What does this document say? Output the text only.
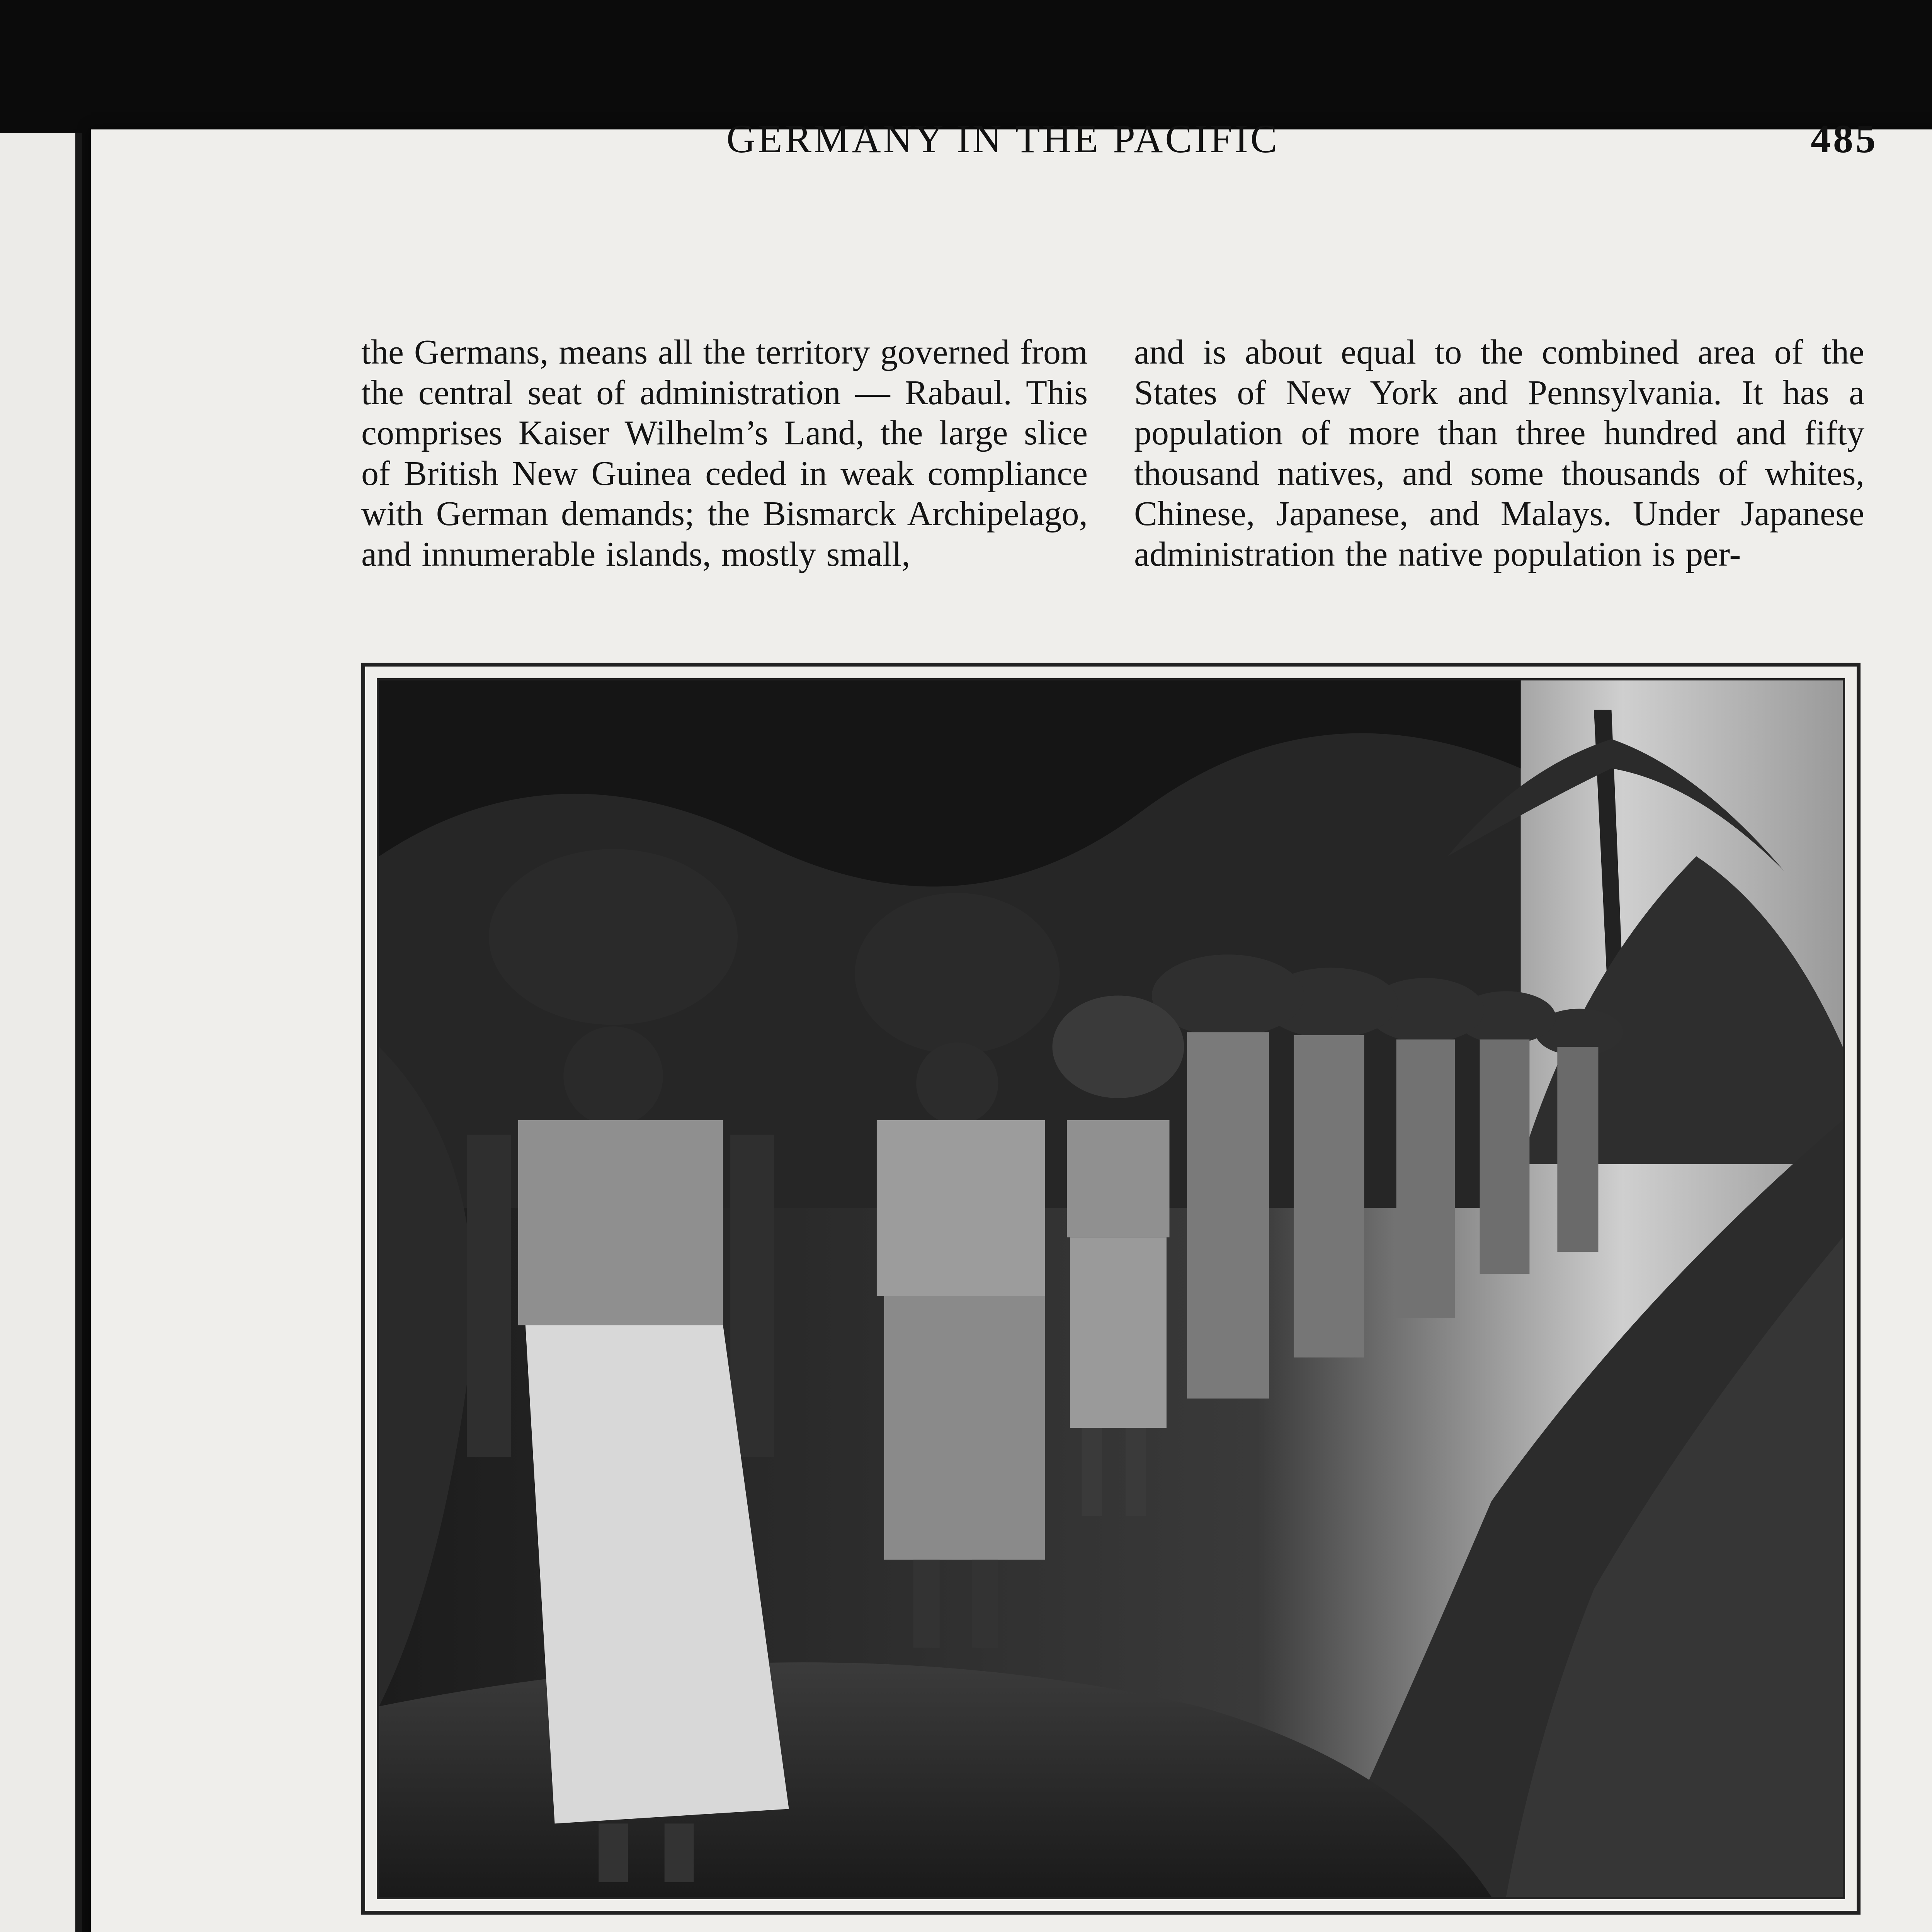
GERMANY IN THE PACIFIC	485

the Germans, means all the territory governed from the central seat of administration — Rabaul. This comprises Kaiser Wilhelm’s Land, the large slice of British New Guinea ceded in weak compliance with German demands; the Bismarck Archipelago, and innumerable islands, mostly small,

and is about equal to the combined area of the States of New York and Pennsylvania. It has a population of more than three hundred and fifty thousand natives, and some thousands of whites, Chinese, Japanese, and Malays. Under Japanese administration the native population is per-
